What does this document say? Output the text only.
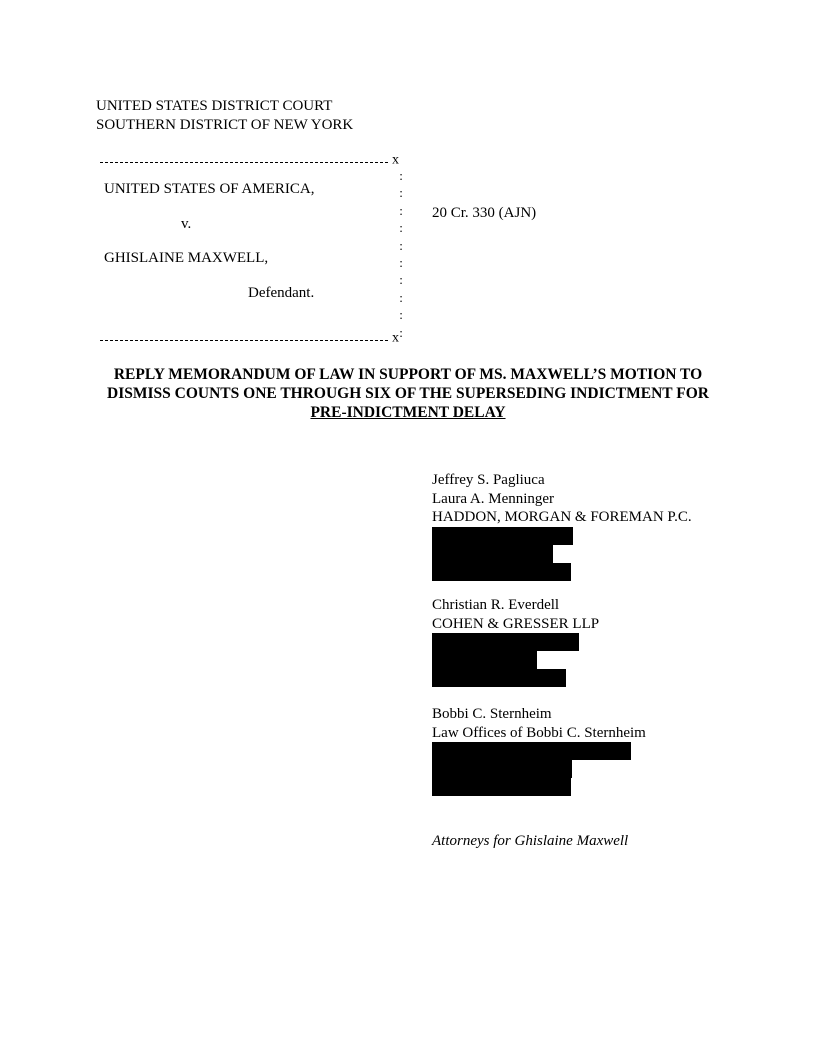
UNITED STATES DISTRICT COURT
SOUTHERN DISTRICT OF NEW YORK
x
UNITED STATES OF AMERICA,
v.
GHISLAINE MAXWELL,
Defendant.
:
:
:
:
:
:
:
:
:
:
20 Cr. 330 (AJN)
x
REPLY MEMORANDUM OF LAW IN SUPPORT OF MS. MAXWELL’S MOTION TO
DISMISS COUNTS ONE THROUGH SIX OF THE SUPERSEDING INDICTMENT FOR
PRE-INDICTMENT DELAY
Jeffrey S. Pagliuca
Laura A. Menninger
HADDON, MORGAN & FOREMAN P.C.
Christian R. Everdell
COHEN & GRESSER LLP
Bobbi C. Sternheim
Law Offices of Bobbi C. Sternheim
Attorneys for Ghislaine Maxwell
